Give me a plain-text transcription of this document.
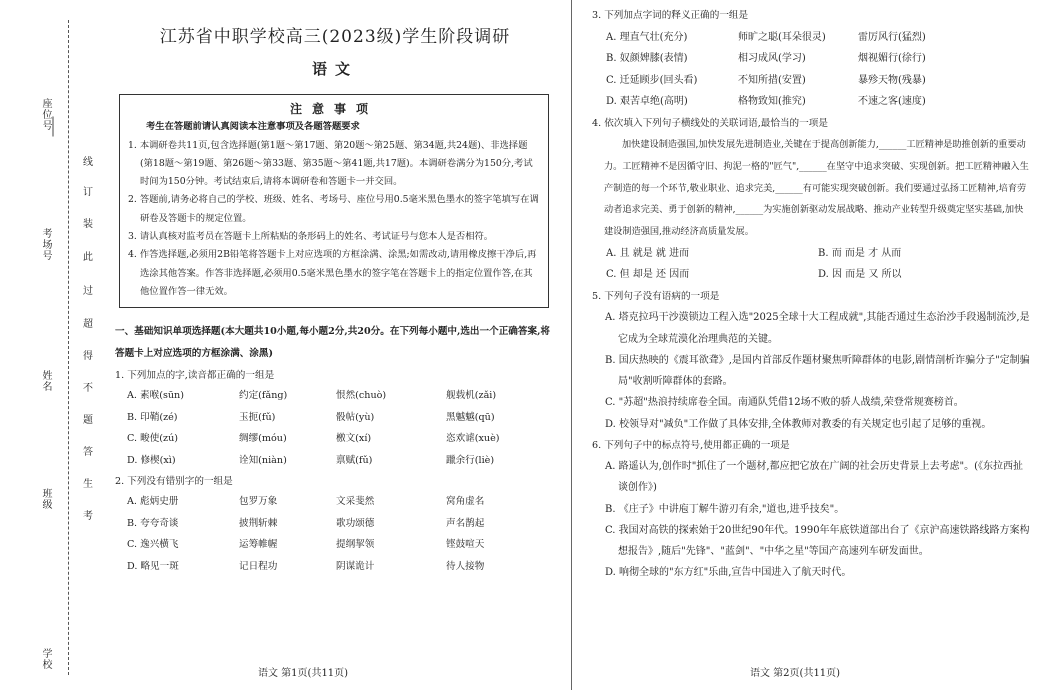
座位号
考场号
姓名
班级
学校
线
订
装
此
过
超
得
不
题
答
生
考
江苏省中职学校高三(2023级)学生阶段调研
语文
注意事项
考生在答题前请认真阅读本注意事项及各题答题要求
1. 本调研卷共11页,包含选择题(第1题～第17题、第20题～第25题、第34题,共24题)、非选择题(第18题～第19题、第26题～第33题、第35题～第41题,共17题)。本调研卷满分为150分,考试时间为150分钟。考试结束后,请将本调研卷和答题卡一并交回。
2. 答题前,请务必将自己的学校、班级、姓名、考场号、座位号用0.5毫米黑色墨水的签字笔填写在调研卷及答题卡的规定位置。
3. 请认真核对监考员在答题卡上所粘贴的条形码上的姓名、考试证号与您本人是否相符。
4. 作答选择题,必须用2B铅笔将答题卡上对应选项的方框涂满、涂黑;如需改动,请用橡皮擦干净后,再选涂其他答案。作答非选择题,必须用0.5毫米黑色墨水的签字笔在答题卡上的指定位置作答,在其他位置作答一律无效。
一、基础知识单项选择题(本大题共10小题,每小题2分,共20分。在下列每小题中,选出一个正确答案,将答题卡上对应选项的方框涂满、涂黑)
1. 下列加点的字,读音都正确的一组是
A. 素喉(sūn)	约定(fǎng)	恨然(chuò)	舰载机(zǎi)
B. 印鞘(zé)	玉扼(fǔ)	骰帖(yù)	黑魆魆(qū)
C. 畯使(zú)	绸缪(móu)	檄文(xí)	恣欢谑(xuè)
D. 修楔(xì)	诠知(niàn)	禀赋(fǔ)	躐余行(liè)
2. 下列没有错别字的一组是
A. 彪炳史册	包罗万象	文采斐然	窝角虚名
B. 夸夸奇谈	披荆斩棘	歌功颂德	声名鹊起
C. 逸兴横飞	运筹帷幄	提纲挈领	铿鼓喧天
D. 略见一斑	记日程功	阴谋诡计	待人接物
语文 第1页(共11页)
3. 下列加点字词的释义正确的一组是
A. 理直气壮(充分)	师旷之聪(耳朵很灵)	雷厉风行(猛烈)
B. 奴颜婢膝(表情)	相习成风(学习)	烟视媚行(徐行)
C. 迁延顾步(回头看)	不知所措(安置)	暴殄天物(残暴)
D. 艰苦卓绝(高明)	格物致知(推究)	不速之客(速度)
4. 依次填入下列句子横线处的关联词语,最恰当的一项是
加快建设制造强国,加快发展先进制造业,关键在于提高创新能力,______工匠精神是助推创新的重要动力。工匠精神不是因循守旧、拘泥一格的"匠气",______在坚守中追求突破、实现创新。把工匠精神融入生产制造的每一个环节,敬业职业、追求完美,______有可能实现突破创新。我们要通过弘扬工匠精神,培育劳动者追求完美、勇于创新的精神,______为实施创新驱动发展战略、推动产业转型升级奠定坚实基础,加快建设制造强国,推动经济高质量发展。
A. 且 就是 就 进而	B. 而 而是 才 从而
C. 但 却是 还 因而	D. 因 而是 又 所以
5. 下列句子没有语病的一项是
A. 塔克拉玛干沙漠锁边工程入选"2025全球十大工程成就",其能否通过生态治沙手段遏制流沙,是它成为全球荒漠化治理典范的关键。
B. 国庆热映的《震耳欲聋》,是国内首部反作题材聚焦听障群体的电影,剧情剖析诈骗分子"定制骗局"收割听障群体的套路。
C. "苏超"热浪持续席卷全国。南通队凭借12场不败的骄人战绩,荣登常规赛榜首。
D. 校领导对"减负"工作做了具体安排,全体教师对教委的有关规定也引起了足够的重视。
6. 下列句子中的标点符号,使用都正确的一项是
A. 路遥认为,创作时"抓住了一个题材,都应把它放在广阔的社会历史背景上去考虑"。(《东拉西扯谈创作》)
B. 《庄子》中讲庖丁解牛游刃有余,"道也,进乎技矣"。
C. 我国对高铁的探索始于20世纪90年代。1990年年底铁道部出台了《京沪高速铁路线路方案构想报告》,随后"先锋"、"蓝剑"、"中华之星"等国产高速列车研发面世。
D. 响彻全球的"东方红"乐曲,宣告中国进入了航天时代。
语文 第2页(共11页)
